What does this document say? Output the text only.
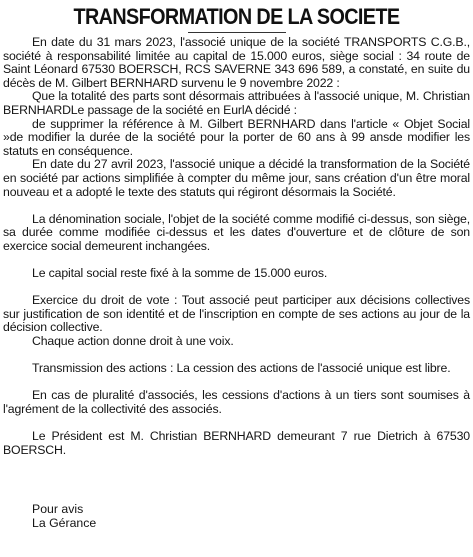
TRANSFORMATION DE LA SOCIETE

En date du 31 mars 2023, l'associé unique de la société TRANSPORTS C.G.B., société à responsabilité limitée au capital de 15.000 euros, siège social : 34 route de Saint Léonard 67530 BOERSCH, RCS SAVERNE 343 696 589, a constaté, en suite du décès de M. Gilbert BERNHARD survenu le 9 novembre 2022 :

Que la totalité des parts sont désormais attribuées à l'associé unique, M. Christian BERNHARDLe passage de la société en EurlA décidé :

de supprimer la référence à M. Gilbert BERNHARD dans l'article « Objet Social »de modifier la durée de la société pour la porter de 60 ans à 99 ansde modifier les statuts en conséquence.

En date du 27 avril 2023, l'associé unique a décidé la transformation de la Société en société par actions simplifiée à compter du même jour, sans création d'un être moral nouveau et a adopté le texte des statuts qui régiront désormais la Société.

La dénomination sociale, l'objet de la société comme modifié ci-dessus, son siège, sa durée comme modifiée ci-dessus et les dates d'ouverture et de clôture de son exercice social demeurent inchangées.

Le capital social reste fixé à la somme de 15.000 euros.

Exercice du droit de vote : Tout associé peut participer aux décisions collectives sur justification de son identité et de l'inscription en compte de ses actions au jour de la décision collective.

Chaque action donne droit à une voix.

Transmission des actions : La cession des actions de l'associé unique est libre.

En cas de pluralité d'associés, les cessions d'actions à un tiers sont soumises à l'agrément de la collectivité des associés.

Le Président est M. Christian BERNHARD demeurant 7 rue Dietrich à 67530 BOERSCH.

Pour avis

La Gérance
